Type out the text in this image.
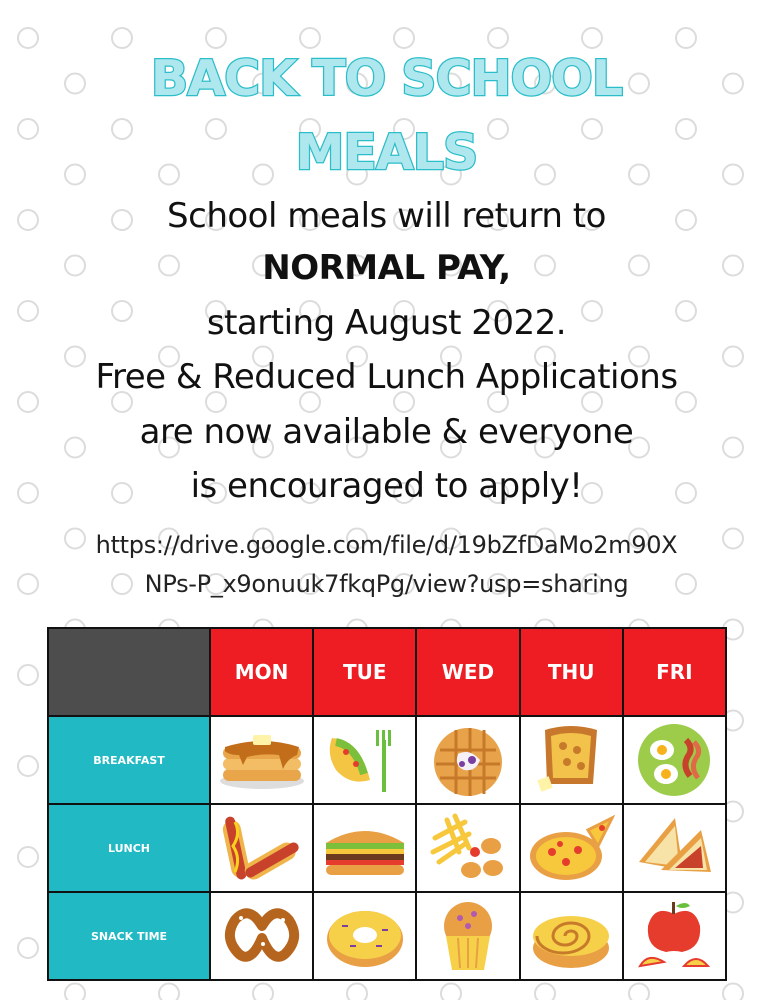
BACK TO SCHOOL
MEALS
School meals will return to
NORMAL PAY,
starting August 2022.
Free & Reduced Lunch Applications
are now available & everyone
is encouraged to apply!
https://drive.google.com/file/d/19bZfDaMo2m90X
NPs-P_x9onuuk7fkqPg/view?usp=sharing
	MON	TUE	WED	THU	FRI
BREAKFAST	

LUNCH	

SNACK TIME	
